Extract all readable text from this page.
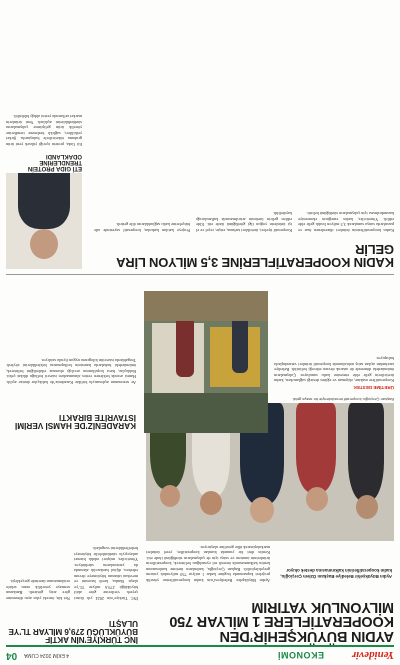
Yenidevir
EKONOMİ
4 EKİM 2024 CUMA
04
AYDIN BÜYÜKŞEHİR’DEN KOOPERATİFLERE 1 MİLYAR 750 MİLYONLUK YATIRIM

Aydın Büyükşehir Belediye Başkanı Özlem Çerçioğlu, kadın kooperatiflerinin kalkınmasına destek oluyor

Aydın Büyükşehir Belediyesi’nin kadın kooperatiflerine yönelik projeleri kapsamında bugüne kadar 1 milyar 750 milyonluk yatırım gerçekleştirildi. Başkan Çerçioğlu, kadınların üretime katılmasının kentin kalkınmasında önemli rol oynadığını belirterek, kooperatiflerin ürünlerinin tanıtımı ve satışı için de çalışmaların sürdüğünü ifade etti. Kentin dört bir yanında kurulan kooperatifler, yerel ürünleri markalaştırarak ülke geneline ulaştırıyor.
Başkan Çerçioğlu kooperatif temsilcileriyle bir araya geldi.
ÜRETİME DESTEK
Kooperatiflere makine, ekipman ve eğitim desteği sağlanırken, kadın üreticilerin gelir elde etmesine katkı sunuluyor. Çalışmaların önümüzdeki dönemde de artarak devam edeceği belirtildi. Belediye tarafından açılan satış noktalarında kooperatif ürünleri vatandaşlarla buluşuyor.
İNC TÜRKİYE’NİN AKTİF BÜYÜKLÜĞÜ 279,6 MİLYAR TL’YE ULAŞTI
İNC Türkiye’nin 2024 yılı ikinci çeyrek verilerine göre aktif büyüklüğü 279,6 milyar TL’ye ulaştı. Banka, kredi hacmini ve mevduat tabanını büyütmeye devam ederken, dijital bankacılık alanında da yatırımlarını sürdürüyor. Yöneticiler, müşteri odaklı hizmet anlayışıyla sürdürülebilir büyümeyi hedeflediklerini vurguladı.
Net kâr, önceki yılın aynı dönemine göre artış gösterdi. Bankanın sermaye yeterlilik oranı sektör ortalamasının üzerinde gerçekleşti.
KARADENİZ’DE HAMSİ VERİMİ İSTAVRİTE BIRAKTI
Av sezonunun açılmasıyla birlikte Karadeniz’de balıkçılar denize açıldı. Hamsi avında beklenen verim alınamazken istavrit bolluğu dikkat çekti. Balıkçılar, hava koşullarının avcılığı olumsuz etkilediğini belirterek, önümüzdeki haftalarda hamsinin bollaşmasını beklediklerini söyledi. Tezgahlarda istavritin kilogramı uygun fiyatla satılıyor.
KADIN KOOPERATİFLERİNE 3,5 MİLYON LİRA GELİR
Kadın kooperatiflerinin ürünleri düzenlenen fuar ve pazarlarda satışa sunularak 3,5 milyon liralık gelir elde edildi. Yöneticiler, kadın emeğinin ekonomiye kazandırılması için çalışmaların sürdüğünü belirtti.
Kooperatif üyeleri, ürettikleri tarhana, erişte, reçel ve el işi ürünlerin yoğun ilgi gördüğünü ifade etti. Elde edilen gelirin üretimin artırılmasında kullanılacağı kaydedildi.
Projeye katılan kadınlar, kooperatif sayesinde aile bütçelerine katkı sağladıklarını dile getirdi.
ETİ GIDA PROTEİN TRENDLERİNE ODAKLANDI
Eti Gıda, protein içeriği yüksek yeni ürün grubunu tüketicilerle buluşturdu. Şirket yetkilileri, sağlıklı beslenme trendlerine yönelik ürün geliştirme çalışmalarını sürdürdüklerini açıkladı. Yeni ürünlerin market raflarında yerini aldığı bildirildi.
